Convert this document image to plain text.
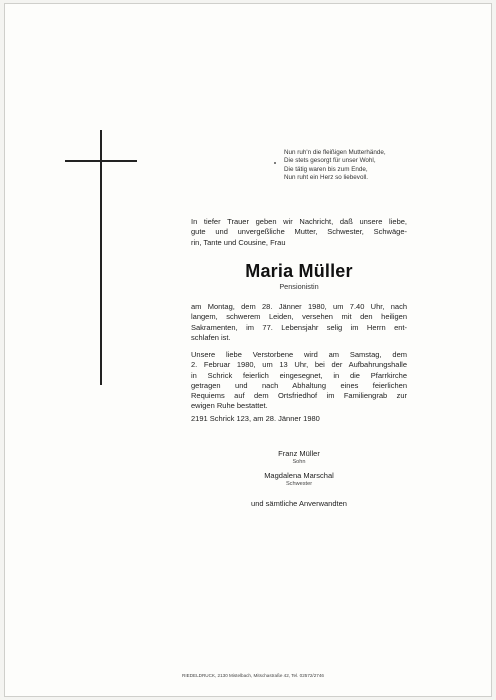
Nun ruh'n die fleißigen Mutterhände,
Die stets gesorgt für unser Wohl,
Die tätig waren bis zum Ende,
Nun ruht ein Herz so liebevoll.
In tiefer Trauer geben wir Nachricht, daß unsere liebe,
gute und unvergeßliche Mutter, Schwester, Schwäge-
rin, Tante und Cousine, Frau
Maria Müller
Pensionistin
am Montag, dem 28. Jänner 1980, um 7.40 Uhr, nach
langem, schwerem Leiden, versehen mit den heiligen
Sakramenten, im 77. Lebensjahr selig im Herrn ent-
schlafen ist.
Unsere liebe Verstorbene wird am Samstag, dem
2. Februar 1980, um 13 Uhr, bei der Aufbahrungshalle
in Schrick feierlich eingesegnet, in die Pfarrkirche
getragen und nach Abhaltung eines feierlichen
Requiems auf dem Ortsfriedhof im Familiengrab zur
ewigen Ruhe bestattet.
2191 Schrick 123, am 28. Jänner 1980
Franz Müller
Sohn
Magdalena Marschal
Schwester
und sämtliche Anverwandten
RIEDELDRUCK, 2130 Mistelbach, Mitschastraße 42, Tel. 02572/2746
